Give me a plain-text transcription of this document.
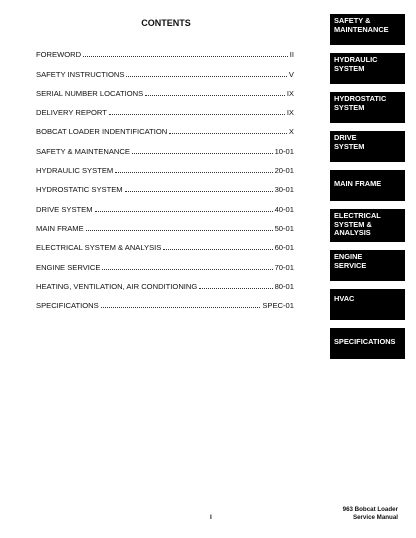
CONTENTS
FOREWORD	II
SAFETY INSTRUCTIONS	V
SERIAL NUMBER LOCATIONS	IX
DELIVERY REPORT	IX
BOBCAT LOADER INDENTIFICATION	X
SAFETY & MAINTENANCE	10-01
HYDRAULIC SYSTEM	20-01
HYDROSTATIC SYSTEM	30-01
DRIVE SYSTEM	40-01
MAIN FRAME	50-01
ELECTRICAL SYSTEM & ANALYSIS	60-01
ENGINE SERVICE	70-01
HEATING, VENTILATION, AIR CONDITIONING	80-01
SPECIFICATIONS	SPEC-01
SAFETY &
MAINTENANCE
HYDRAULIC
SYSTEM
HYDROSTATIC
SYSTEM
DRIVE
SYSTEM
MAIN FRAME
ELECTRICAL
SYSTEM &
ANALYSIS
ENGINE
SERVICE
HVAC
SPECIFICATIONS
I
963 Bobcat Loader
Service Manual
